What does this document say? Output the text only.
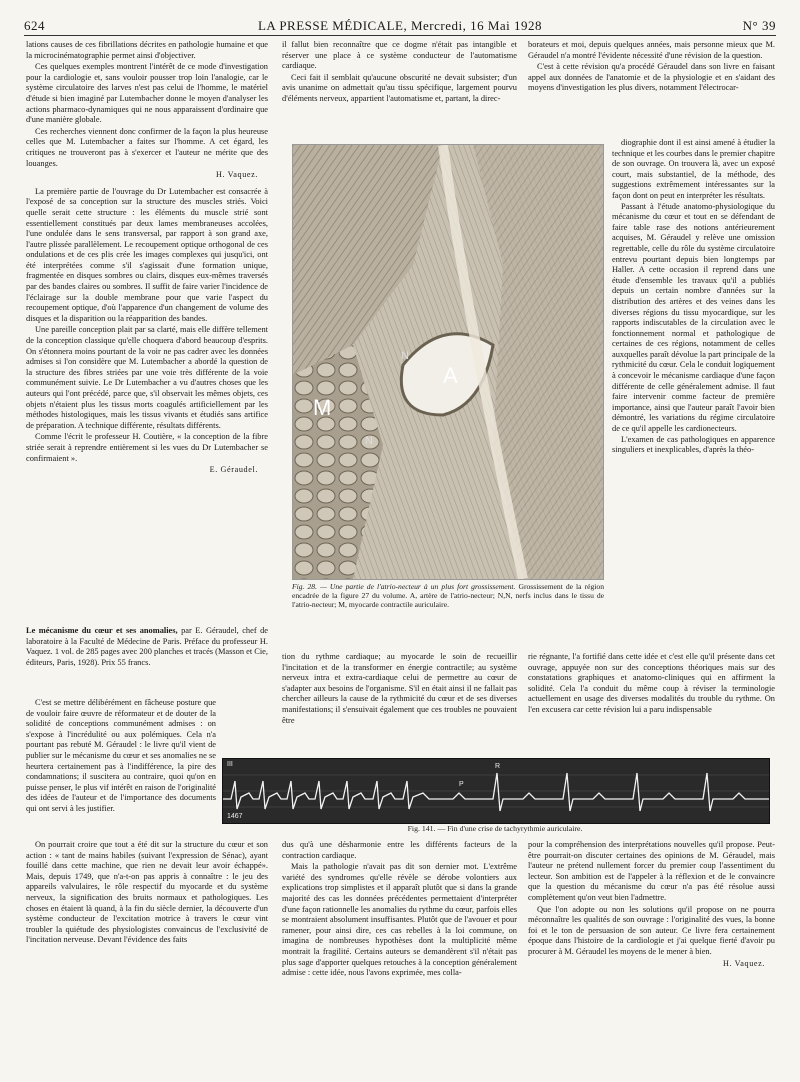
624	LA PRESSE MÉDICALE, Mercredi, 16 Mai 1928	N° 39

lations causes de ces fibrillations décrites en pathologie humaine et que la microcinématographie permet ainsi d'objectiver.

Ces quelques exemples montrent l'intérêt de ce mode d'investigation pour la cardiologie et, sans vouloir pousser trop loin l'analogie, car le système circulatoire des larves n'est pas celui de l'homme, le matériel d'étude si bien imaginé par Lutembacher donne le moyen d'analyser les actions pharmaco-dynamiques qui ne nous apparaissent d'ordinaire que d'une manière globale.

Ces recherches viennent donc confirmer de la façon la plus heureuse celles que M. Lutembacher a faites sur l'homme. A cet égard, les critiques ne trouveront pas à s'exercer et l'auteur ne mérite que des louanges.

H. Vaquez.

La première partie de l'ouvrage du Dr Lutembacher est consacrée à l'exposé de sa conception sur la structure des muscles striés. Voici quelle serait cette structure : les éléments du muscle strié sont essentiellement constitués par deux lames membraneuses accolées, l'une ondulée dans le sens transversal, par rapport à son grand axe, l'autre plissée parallèlement. Le recoupement optique orthogonal de ces ondulations et de ces plis crée les images complexes qui jusqu'ici, ont été interprétées comme s'il s'agissait d'une formation unique, fragmentée en disques sombres ou clairs, disques eux-mêmes traversés par des bandes claires ou sombres. Il suffit de faire varier l'incidence de l'éclairage sur la double membrane pour que varie l'aspect du recoupement optique, d'où l'apparence d'un changement de volume des disques et la disparition ou la réapparition des bandes.

Une pareille conception plait par sa clarté, mais elle diffère tellement de la conception classique qu'elle choquera d'abord beaucoup d'esprits. On s'étonnera moins pourtant de la voir ne pas cadrer avec les données admises si l'on considère que M. Lutembacher a abordé la question de la structure des fibres striées par une voie très différente de la voie communément suivie. Le Dr Lutembacher a vu d'autres choses que les auteurs qui l'ont précédé, parce que, s'il observait les mêmes objets, ces objets n'étaient plus les tissus morts coagulés artificiellement par les méthodes histologiques, mais les tissus vivants et étudiés sans artifice de préparation. A technique différente, résultats différents.

Comme l'écrit le professeur H. Coutière, « la conception de la fibre striée serait à reprendre entièrement si les vues du Dr Lutembacher se confirmaient ».

E. Géraudel.

Le mécanisme du cœur et ses anomalies, par E. Géraudel, chef de laboratoire à la Faculté de Médecine de Paris. Préface du professeur H. Vaquez. 1 vol. de 285 pages avec 200 planches et tracés (Masson et Cie, éditeurs, Paris, 1928). Prix 55 francs.

C'est se mettre délibérément en fâcheuse posture que de vouloir faire œuvre de réformateur et de douter de la solidité de conceptions communément admises : on s'expose à l'incrédulité ou aux polémiques. Cela n'a pourtant pas rebuté M. Géraudel : le livre qu'il vient de publier sur le mécanisme du cœur et ses anomalies ne se heurtera certainement pas à l'indifférence, la pire des condamnations; il suscitera au contraire, quoi qu'on en puisse penser, le plus vif intérêt en raison de l'originalité des idées de l'auteur et de l'importance des documents qui ont servi à les justifier.

On pourrait croire que tout a été dit sur la structure du cœur et son action : « tant de mains habiles (suivant l'expression de Sénac), ayant fouillé dans cette machine, que rien ne devait leur avoir échappé». Mais, depuis 1749, que n'a-t-on pas appris à connaître : le jeu des appareils valvulaires, le rôle respectif du myocarde et du système nerveux, la signification des bruits normaux et pathologiques. Les choses en étaient là quand, à la fin du siècle dernier, la découverte d'un système conducteur de l'excitation motrice à travers le cœur vint troubler la quiétude des physiologistes convaincus de l'exclusivité de l'incitation nerveuse. Devant l'évidence des faits

il fallut bien reconnaître que ce dogme n'était pas intangible et réserver une place à ce système conducteur de l'automatisme cardiaque.

Ceci fait il semblait qu'aucune obscurité ne devait subsister; d'un avis unanime on admettait qu'au tissu spécifique, largement pourvu d'éléments nerveux, appartient l'automatisme et, partant, la direc-

borateurs et moi, depuis quelques années, mais personne mieux que M. Géraudel n'a montré l'évidente nécessité d'une révision de la question.

C'est à cette révision qu'a procédé Géraudel dans son livre en faisant appel aux données de l'anatomie et de la physiologie et en s'aidant des moyens d'investigation les plus divers, notamment l'électrocar-

A
M
N
N
Fig. 28. — Une partie de l'atrio-necteur à un plus fort grossissement. Grossissement de la région encadrée de la figure 27 du volume. A, artère de l'atrio-necteur; N,N, nerfs inclus dans le tissu de l'atrio-necteur; M, myocarde contractile auriculaire.

diographie dont il est ainsi amené à étudier la technique et les courbes dans le premier chapitre de son ouvrage. On trouvera là, avec un exposé court, mais substantiel, de la méthode, des suggestions extrêmement intéressantes sur la façon dont on peut en interpréter les résultats.

Passant à l'étude anatomo-physiologique du mécanisme du cœur et tout en se défendant de faire table rase des notions antérieurement acquises, M. Géraudel y relève une omission regrettable, celle du rôle du système circulatoire entrevu pourtant depuis bien longtemps par Haller. A cette occasion il reprend dans une étude d'ensemble les travaux qu'il a publiés depuis un certain nombre d'années sur la distribution des artères et des veines dans les diverses régions du tissu myocardique, sur les rapports indiscutables de la circulation avec le fonctionnement normal et pathologique de certaines de ces régions, notamment de celles auxquelles paraît dévolue la part principale de la rythmicité du cœur. Cela le conduit logiquement à concevoir le mécanisme cardiaque d'une façon différente de celle généralement admise. Il faut faire intervenir comme facteur de première importance, ainsi que l'auteur paraît l'avoir bien démontré, les variations du régime circulatoire de ce qu'il appelle les cardionecteurs.

L'examen de cas pathologiques en apparence singuliers et inexplicables, d'après la théo-

tion du rythme cardiaque; au myocarde le soin de recueillir l'incitation et de la transformer en énergie contractile; au système nerveux intra et extra-cardiaque celui de permettre au cœur de s'adapter aux besoins de l'organisme. S'il en était ainsi il ne fallait pas chercher ailleurs la cause de la rythmicité du cœur et de ses diverses manifestations; il s'ensuivait également que ces troubles ne pouvaient être

rie régnante, l'a fortifié dans cette idée et c'est elle qu'il présente dans cet ouvrage, appuyée non sur des conceptions théoriques mais sur des constatations graphiques et anatomo-cliniques qui en affirment la solidité. Cela l'a conduit du même coup à réviser la terminologie actuellement en usage des diverses modalités du trouble du rythme. On l'en excusera car cette révision lui a paru indispensable

III
1467
P
R
Fig. 141. — Fin d'une crise de tachyrythmie auriculaire.

dus qu'à une désharmonie entre les différents facteurs de la contraction cardiaque.

Mais la pathologie n'avait pas dit son dernier mot. L'extrême variété des syndromes qu'elle révèle se dérobe volontiers aux explications trop simplistes et il apparaît plutôt que si dans la grande majorité des cas les données précédentes permettaient d'interpréter d'une façon rationnelle les anomalies du rythme du cœur, parfois elles se montraient absolument insuffisantes. Plutôt que de l'avouer et pour ramener, pour ainsi dire, ces cas rebelles à la loi commune, on imagina de nombreuses hypothèses dont la multiplicité même montrait la fragilité. Certains auteurs se demandèrent s'il n'était pas plus sage d'apporter quelques retouches à la conception généralement admise : cette idée, nous l'avons exprimée, mes colla-

pour la compréhension des interprétations nouvelles qu'il propose. Peut-être pourrait-on discuter certaines des opinions de M. Géraudel, mais l'auteur ne prétend nullement forcer du premier coup l'assentiment du lecteur. Son ambition est de l'appeler à la réflexion et de le convaincre que la question du mécanisme du cœur n'a pas été résolue aussi complètement qu'on veut bien l'admettre.

Que l'on adopte ou non les solutions qu'il propose on ne pourra méconnaître les qualités de son ouvrage : l'originalité des vues, la bonne foi et le ton de persuasion de son auteur. Ce livre fera certainement époque dans l'histoire de la cardiologie et j'ai quelque fierté d'avoir pu procurer à M. Géraudel les moyens de le mener à bien.

H. Vaquez.
